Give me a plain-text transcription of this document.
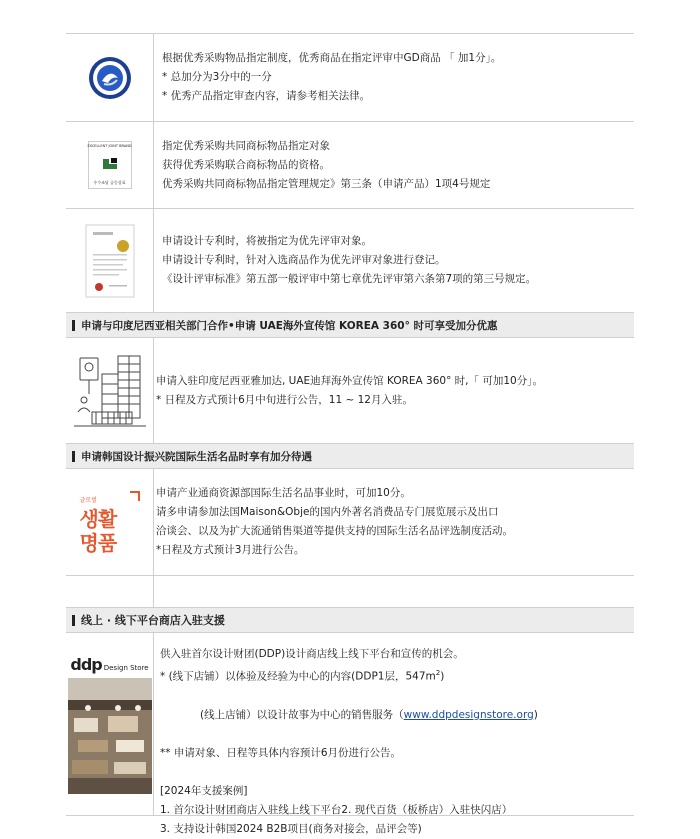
根据优秀采购物品指定制度，优秀商品在指定评审中GD商品 「 加1分」。
* 总加分为3分中的一分
* 优秀产品指定审查内容，请参考相关法律。
EXCELLENT JOINT BRAND
우수조달 공동상표
指定优秀采购共同商标物品指定对象
获得优秀采购联合商标物品的资格。
优秀采购共同商标物品指定管理规定》第三条（申请产品）1项4号规定
申请设计专利时，将被指定为优先评审对象。
申请设计专利时，针对入选商品作为优先评审对象进行登记。
《设计评审标准》第五部一般评审中第七章优先评审第六条第7项的第三号规定。
申请与印度尼西亚相关部门合作•申请 UAE海外宣传馆 KOREA 360° 时可享受加分优惠
申请入驻印度尼西亚雅加达, UAE迪拜海外宣传馆 KOREA 360° 时,「 可加10分」。
* 日程及方式预计6月中旬进行公告，11 ~ 12月入驻。
申请韩国设计振兴院国际生活名品时享有加分待遇
글로벌
생활
명품
申请产业通商资源部国际生活名品事业时，可加10分。
请多申请参加法国Maison&Obje的国内外著名消费品专门展览展示及出口
洽谈会、以及为扩大流通销售渠道等提供支持的国际生活名品评选制度活动。
*日程及方式预计3月进行公告。
线上 · 线下平台商店入驻支援
ddp Design Store
供入驻首尔设计财团(DDP)设计商店线上线下平台和宣传的机会。
* (线下店铺）以体验及经验为中心的内容(DDP1层，$547m^2$)

(线上店铺）以设计故事为中心的销售服务（www.ddpdesignstore.org)

** 申请对象、日程等具体内容预计6月份进行公告。

[2024年支援案例]
1. 首尔设计财团商店入驻线上线下平台2. 现代百货（板桥店）入驻快闪店）
3. 支持设计韩国2024 B2B项目(商务对接会，品评会等)
